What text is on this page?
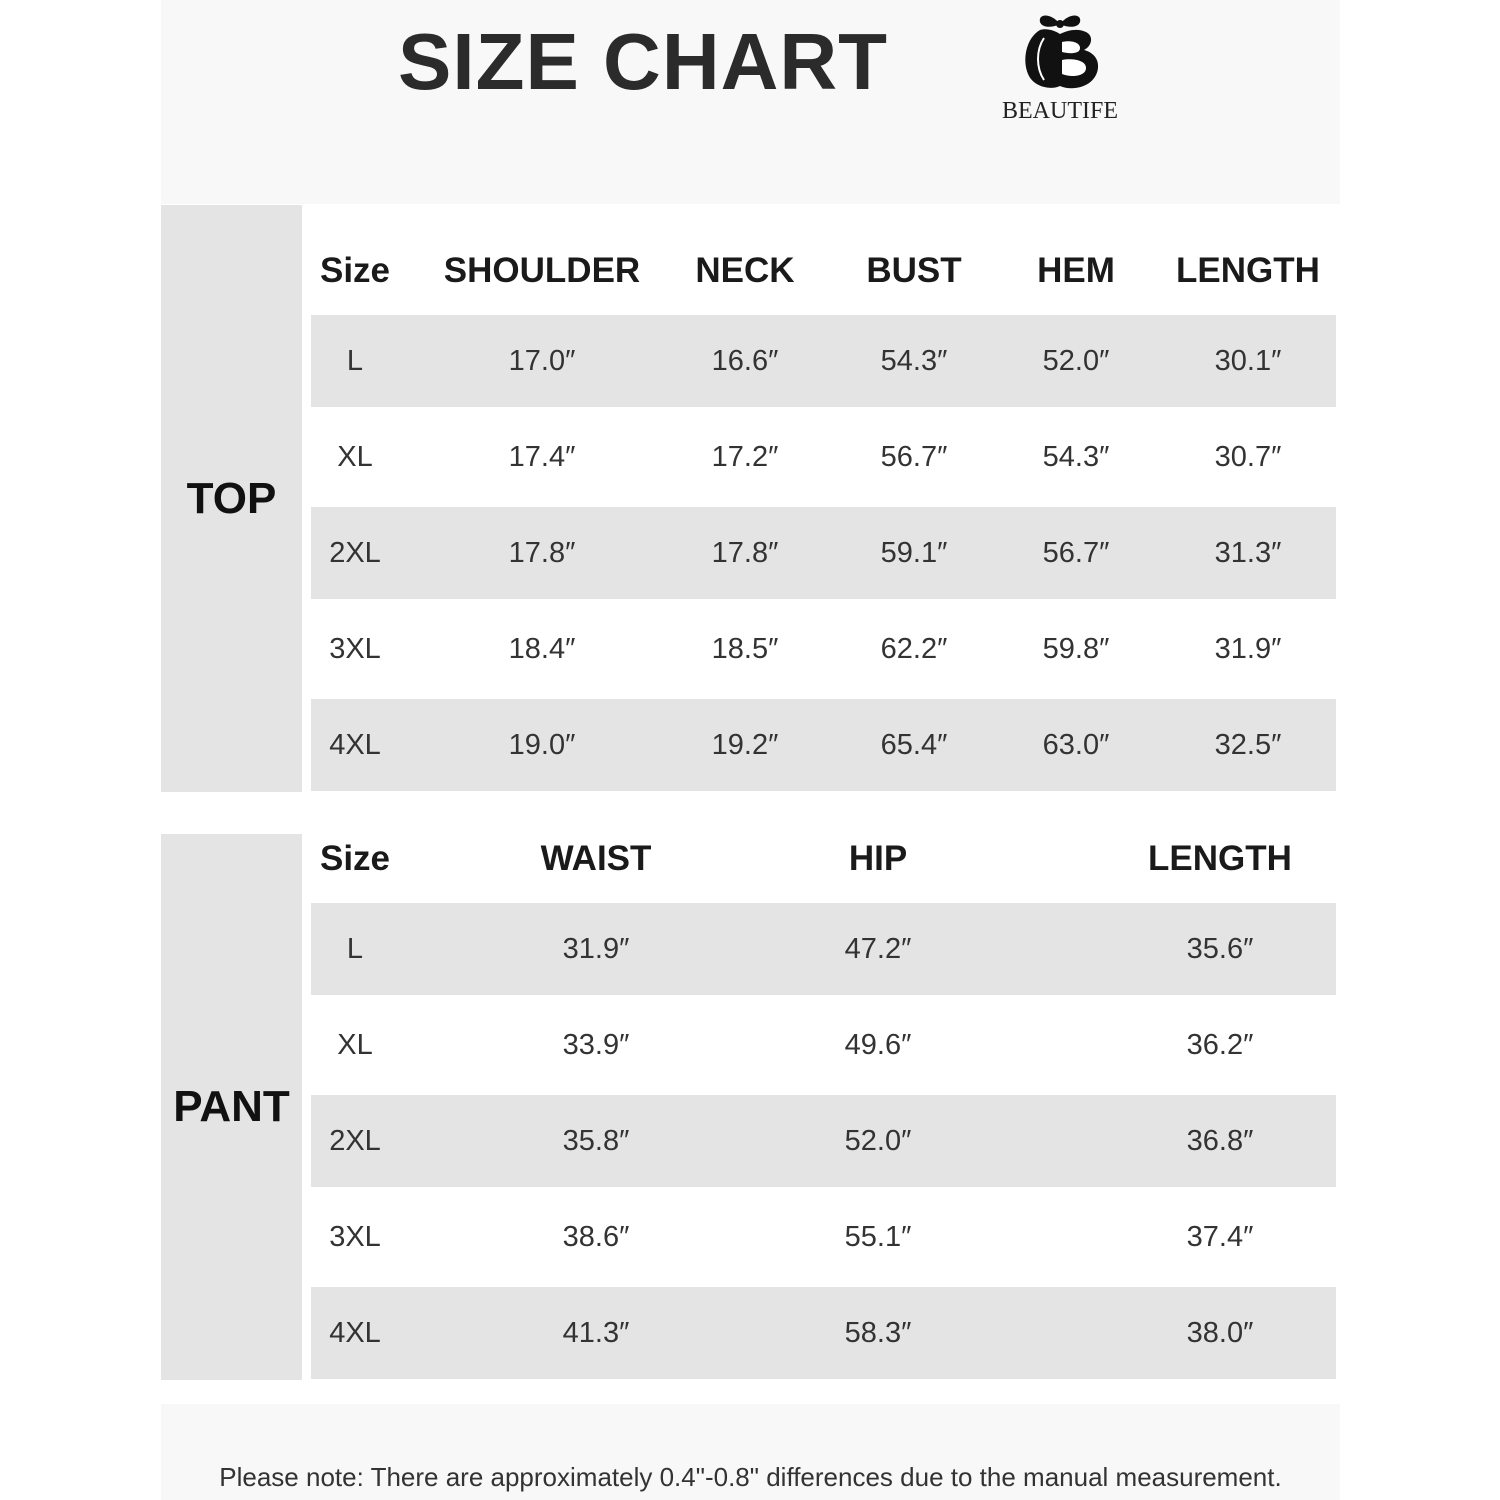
SIZE CHART
BEAUTIFE
TOP
PANT
Size	SHOULDER	NECK	BUST	HEM	LENGTH
L	17.0″	16.6″	54.3″	52.0″	30.1″
XL	17.4″	17.2″	56.7″	54.3″	30.7″
2XL	17.8″	17.8″	59.1″	56.7″	31.3″
3XL	18.4″	18.5″	62.2″	59.8″	31.9″
4XL	19.0″	19.2″	65.4″	63.0″	32.5″
Size	WAIST	HIP	LENGTH
L	31.9″	47.2″	35.6″
XL	33.9″	49.6″	36.2″
2XL	35.8″	52.0″	36.8″
3XL	38.6″	55.1″	37.4″
4XL	41.3″	58.3″	38.0″
Please note: There are approximately 0.4"-0.8" differences due to the manual measurement.
